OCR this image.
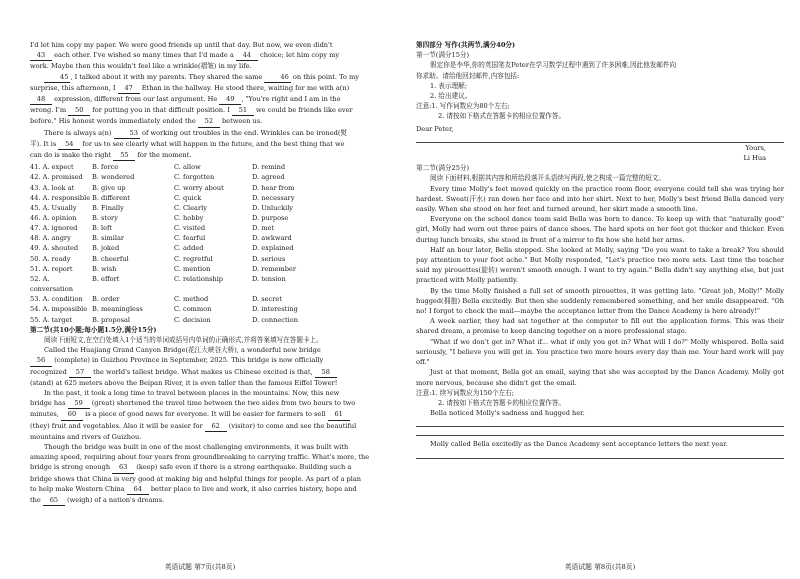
I'd let him copy my paper. We were good friends up until that day. But now, we even didn't

43 each other. I've wished so many times that I'd made a 44 choice; let him copy my

work. Maybe then this wouldn't feel like a wrinkle(褶皱) in my life.

45 , I talked about it with my parents. They shared the same 46 on this point. To my

surprise, this afternoon, I 47 Ethan in the hallway. He stood there, waiting for me with a(n)

48 expression, different from our last argument. He 49 , "You're right and I am in the

wrong. I'm 50 for putting you in that difficult position. I 51 we could be friends like ever

before." His honest words immediately ended the 52 between us.

There is always a(n) 53 of working out troubles in the end. Wrinkles can be ironed(熨

平). It is 54 for us to see clearly what will happen in the future, and the best thing that we

can do is make the right 55 for the moment.

41. A. expect	B. force	C. allow	D. remind
42. A. promised	B. wondered	C. forgotten	D. agreed
43. A. look at	B. give up	C. worry about	D. hear from
44. A. responsible B. different	C. quick	D. necessary
45. A. Usually	B. Finally	C. Clearly	D. Unluckily
46. A. opinion	B. story	C. hobby	D. purpose
47. A. ignored	B. left	C. visited	D. met
48. A. angry	B. similar	C. fearful	D. awkward
49. A. shouted	B. joked	C. added	D. explained
50. A. ready	B. cheerful	C. regretful	D. serious
51. A. report	B. wish	C. mention	D. remember
52. A. conversation
B. effort	C. relationship	D. tension
53. A. condition	B. order	C. method	D. secret
54. A. impossible B. meaningless	C. common	D. interesting
55. A. target	B. proposal	C. decision	D. connection

第二节(共10小题;每小题1.5分,满分15分)

阅读下面短文,在空白处填入1个适当的单词或括号内单词的正确形式,并将答案填写在答题卡上。

Called the Huajiang Grand Canyon Bridge(花江大峡谷大桥), a wonderful new bridge

56 (complete) in Guizhou Province in September, 2025. This bridge is now officially

recognized 57 the world's tallest bridge. What makes us Chinese excited is that, 58

(stand) at 625 meters above the Beipan River, it is even taller than the famous Eiffel Tower!

In the past, it took a long time to travel between places in the mountains. Now, this new

bridge has 59 (great) shortened the travel time between the two sides from two hours to two

minutes, 60 is a piece of good news for everyone. It will be easier for farmers to sell 61

(they) fruit and vegetables. Also it will be easier for 62 (visitor) to come and see the beautiful

mountains and rivers of Guizhou.

Though the bridge was built in one of the most challenging environments, it was built with

amazing speed, requiring about four years from groundbreaking to carrying traffic. What's more, the

bridge is strong enough 63 (keep) safe even if there is a strong earthquake. Building such a

bridge shows that China is very good at making big and helpful things for people. As part of a plan

to help make Western China 64 better place to live and work, it also carries history, hope and

the 65 (weigh) of a nation's dreams.

英语试题 第7页(共8页)

第四部分 写作(共两节,满分40分)

第一节(满分15分)

假定你是李华,你的英国笔友Peter在学习数学过程中遇到了许多困难,因此他发邮件向

你求助。请给他回封邮件,内容包括:

1. 表示理解;

2. 给出建议。

注意:1. 写作词数应为80个左右;

2. 请按如下格式在答题卡的相应位置作答。

Dear Peter,

Yours,

Li Hua

第二节(满分25分)

阅读下面材料,根据其内容和所给段落开头语续写两段,使之构成一篇完整的短文。

Every time Molly's feet moved quickly on the practice room floor, everyone could tell she was trying her hardest. Sweat(汗水) ran down her face and into her shirt. Next to her, Molly's best friend Bella danced very easily. When she stood on her feet and turned around, her skirt made a smooth line.

Everyone on the school dance team said Bella was born to dance. To keep up with that "naturally good" girl, Molly had worn out three pairs of dance shoes. The hard spots on her feet got thicker and thicker. Even during lunch breaks, she stood in front of a mirror to fix how she held her arms.

Half an hour later, Bella stopped. She looked at Molly, saying "Do you want to take a break? You should pay attention to your foot ache." But Molly responded, "Let's practice two more sets. Last time the teacher said my pirouettes(旋转) weren't smooth enough. I want to try again." Bella didn't say anything else, but just practiced with Molly patiently.

By the time Molly finished a full set of smooth pirouettes, it was getting late. "Great job, Molly!" Molly hugged(拥抱) Bella excitedly. But then she suddenly remembered something, and her smile disappeared. "Oh no! I forgot to check the mail—maybe the acceptance letter from the Dance Academy is here already!"

A week earlier, they had sat together at the computer to fill out the application forms. This was their shared dream, a promise to keep dancing together on a more professional stage.

"What if we don't get in? What if... what if only you get in? What will I do?" Molly whispered. Bella said seriously, "I believe you will get in. You practice two more hours every day than me. Your hard work will pay off."

Just at that moment, Bella got an email, saying that she was accepted by the Dance Academy. Molly got more nervous, because she didn't get the email.

注意:1. 续写词数应为150个左右;

2. 请按如下格式在答题卡的相应位置作答。

Bella noticed Molly's sadness and hugged her.

Molly called Bella excitedly as the Dance Academy sent acceptance letters the next year.

英语试题 第8页(共8页)
